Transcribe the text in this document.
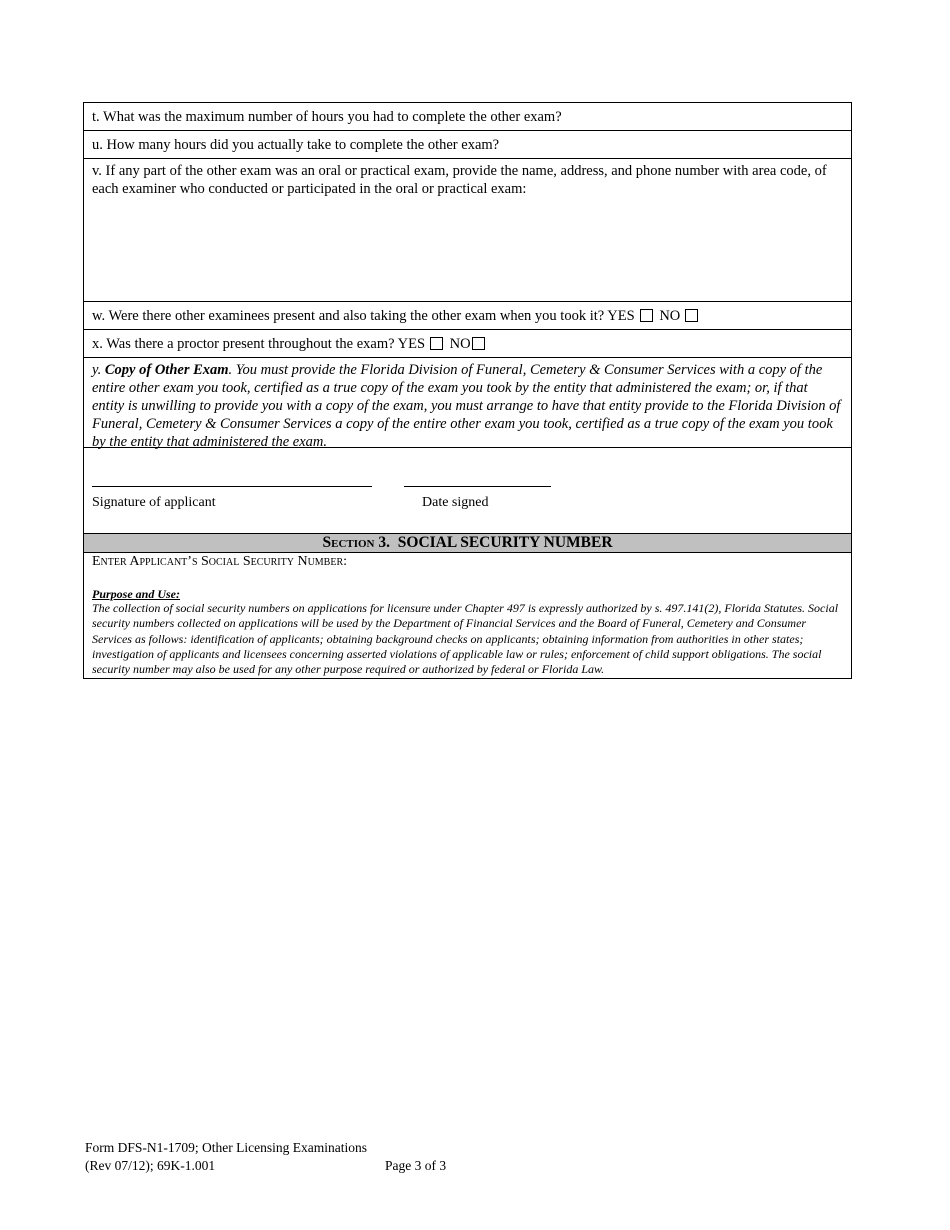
t. What was the maximum number of hours you had to complete the other exam?
u. How many hours did you actually take to complete the other exam?
v. If any part of the other exam was an oral or practical exam, provide the name, address, and phone number with area code, of each examiner who conducted or participated in the oral or practical exam:
w. Were there other examinees present and also taking the other exam when you took it? YES NO
x. Was there a proctor present throughout the exam? YES NO
y. Copy of Other Exam. You must provide the Florida Division of Funeral, Cemetery & Consumer Services with a copy of the entire other exam you took, certified as a true copy of the exam you took by the entity that administered the exam; or, if that entity is unwilling to provide you with a copy of the exam, you must arrange to have that entity provide to the Florida Division of Funeral, Cemetery & Consumer Services a copy of the entire other exam you took, certified as a true copy of the exam you took by the entity that administered the exam.
Signature of applicant	Date signed
Section 3. SOCIAL SECURITY NUMBER
Enter Applicant’s Social Security Number:
Purpose and Use:
The collection of social security numbers on applications for licensure under Chapter 497 is expressly authorized by s. 497.141(2), Florida Statutes. Social security numbers collected on applications will be used by the Department of Financial Services and the Board of Funeral, Cemetery and Consumer Services as follows: identification of applicants; obtaining background checks on applicants; obtaining information from authorities in other states; investigation of applicants and licensees concerning asserted violations of applicable law or rules; enforcement of child support obligations. The social security number may also be used for any other purpose required or authorized by federal or Florida Law.
Form DFS-N1-1709; Other Licensing Examinations
(Rev 07/12); 69K-1.001	Page 3 of 3
